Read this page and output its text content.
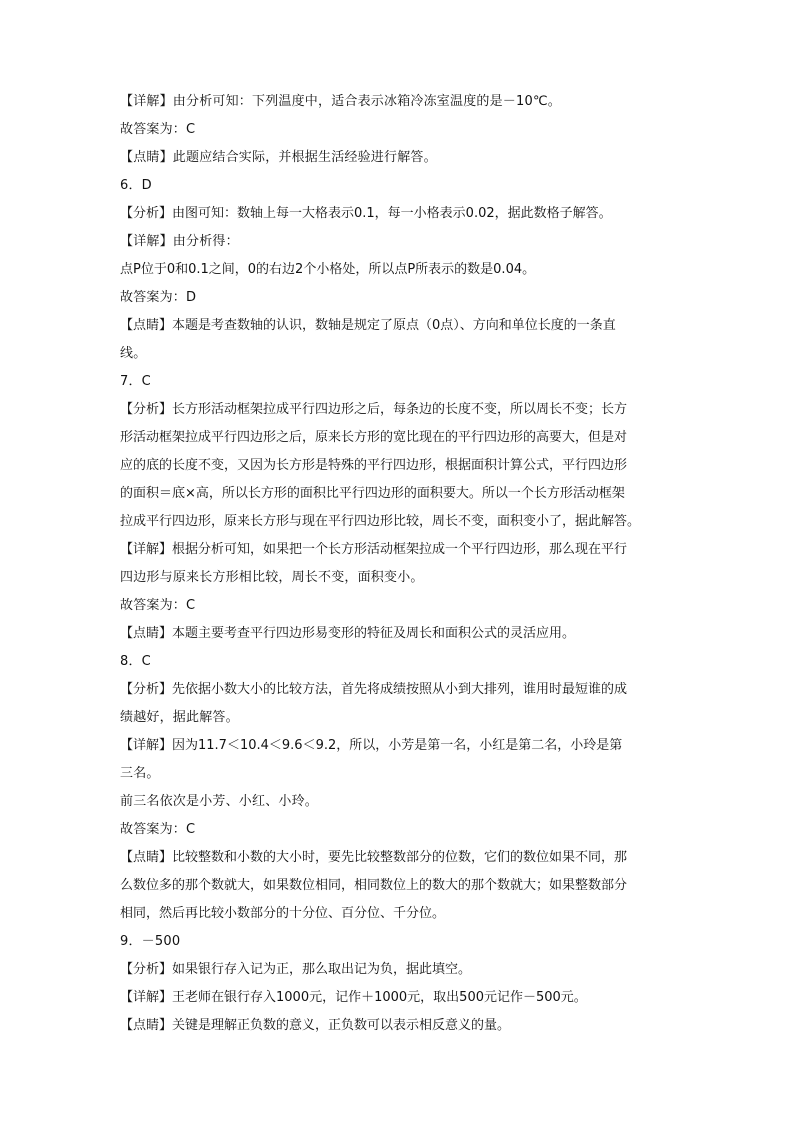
【详解】由分析可知：下列温度中，适合表示冰箱冷冻室温度的是－10℃。
故答案为：C
【点睛】此题应结合实际，并根据生活经验进行解答。
6．D
【分析】由图可知：数轴上每一大格表示0.1，每一小格表示0.02，据此数格子解答。
【详解】由分析得：
点P位于0和0.1之间，0的右边2个小格处，所以点P所表示的数是0.04。
故答案为：D
【点睛】本题是考查数轴的认识，数轴是规定了原点（0点）、方向和单位长度的一条直
线。
7．C
【分析】长方形活动框架拉成平行四边形之后，每条边的长度不变，所以周长不变；长方
形活动框架拉成平行四边形之后，原来长方形的宽比现在的平行四边形的高要大，但是对
应的底的长度不变，又因为长方形是特殊的平行四边形，根据面积计算公式，平行四边形
的面积＝底×高，所以长方形的面积比平行四边形的面积要大。所以一个长方形活动框架
拉成平行四边形，原来长方形与现在平行四边形比较，周长不变，面积变小了，据此解答。
【详解】根据分析可知，如果把一个长方形活动框架拉成一个平行四边形，那么现在平行
四边形与原来长方形相比较，周长不变，面积变小。
故答案为：C
【点睛】本题主要考查平行四边形易变形的特征及周长和面积公式的灵活应用。
8．C
【分析】先依据小数大小的比较方法，首先将成绩按照从小到大排列，谁用时最短谁的成
绩越好，据此解答。
【详解】因为11.7＜10.4＜9.6＜9.2，所以，小芳是第一名，小红是第二名，小玲是第
三名。
前三名依次是小芳、小红、小玲。
故答案为：C
【点睛】比较整数和小数的大小时，要先比较整数部分的位数，它们的数位如果不同，那
么数位多的那个数就大，如果数位相同，相同数位上的数大的那个数就大；如果整数部分
相同，然后再比较小数部分的十分位、百分位、千分位。
9．－500
【分析】如果银行存入记为正，那么取出记为负，据此填空。
【详解】王老师在银行存入1000元，记作＋1000元，取出500元记作－500元。
【点睛】关键是理解正负数的意义，正负数可以表示相反意义的量。
